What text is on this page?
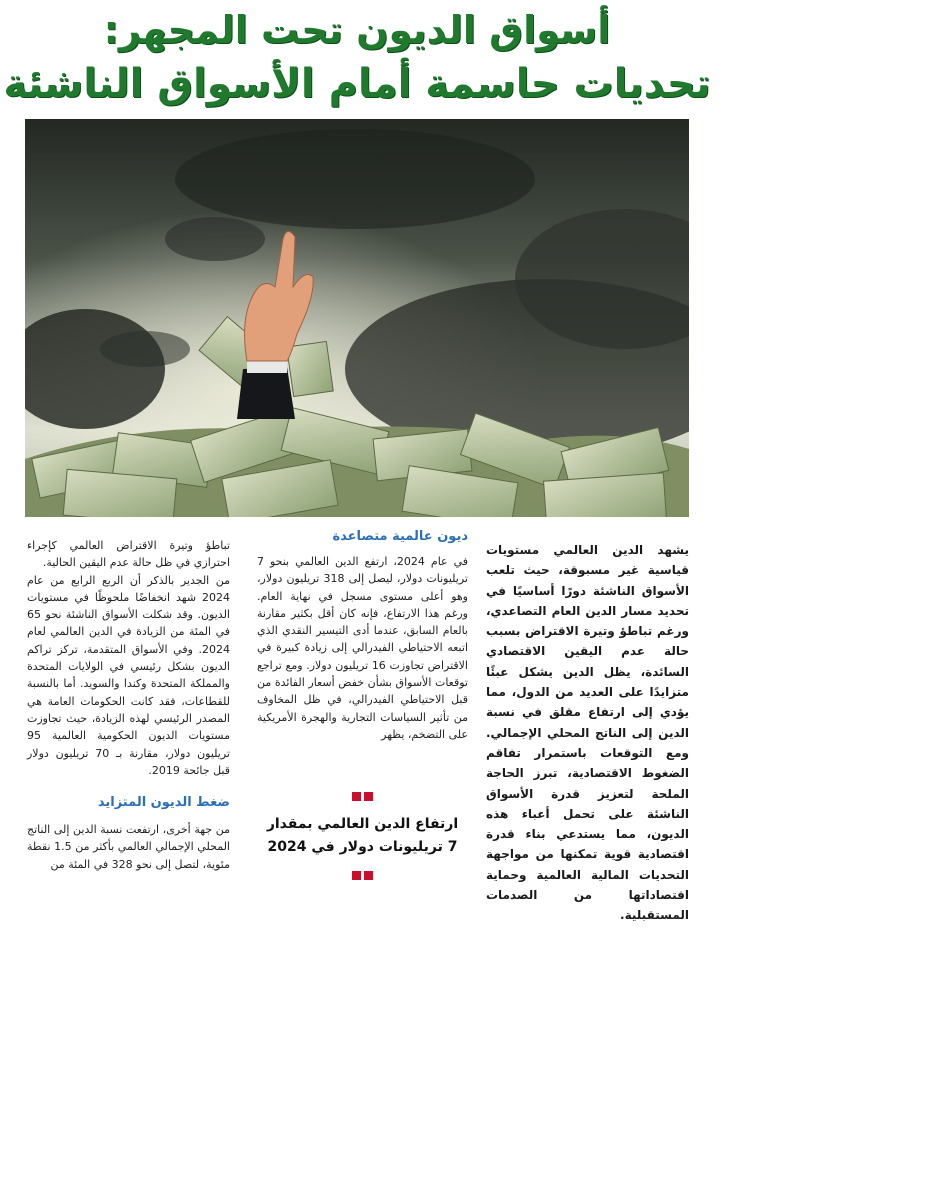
أسواق الديون تحت المجهر:
تحديات حاسمة أمام الأسواق الناشئة

يشهد الدين العالمي مستويات قياسية غير مسبوقة، حيث تلعب الأسواق الناشئة دورًا أساسيًا في تحديد مسار الدين العام التصاعدي، ورغم تباطؤ وتيرة الاقتراض بسبب حالة عدم اليقين الاقتصادي السائدة، يظل الدين يشكل عبئًا متزايدًا على العديد من الدول، مما يؤدي إلى ارتفاع مقلق في نسبة الدين إلى الناتج المحلي الإجمالي. ومع التوقعات باستمرار تفاقم الضغوط الاقتصادية، تبرز الحاجة الملحة لتعزيز قدرة الأسواق الناشئة على تحمل أعباء هذه الديون، مما يستدعي بناء قدرة اقتصادية قوية تمكنها من مواجهة التحديات المالية العالمية وحماية اقتصاداتها من الصدمات المستقبلية.

ديون عالمية متصاعدة

في عام 2024، ارتفع الدين العالمي بنحو 7 تريليونات دولار، ليصل إلى 318 تريليون دولار، وهو أعلى مستوى مسجل في نهاية العام. ورغم هذا الارتفاع، فإنه كان أقل بكثير مقارنة بالعام السابق، عندما أدى التيسير النقدي الذي اتبعه الاحتياطي الفيدرالي إلى زيادة كبيرة في الاقتراض تجاوزت 16 تريليون دولار. ومع تراجع توقعات الأسواق بشأن خفض أسعار الفائدة من قبل الاحتياطي الفيدرالي، في ظل المخاوف من تأثير السياسات التجارية والهجرة الأمريكية على التضخم، يظهر

ارتفاع الدين العالمي بمقدار
7 تريليونات دولار في 2024

تباطؤ وتيرة الاقتراض العالمي كإجراء احترازي في ظل حالة عدم اليقين الحالية.

من الجدير بالذكر أن الربع الرابع من عام 2024 شهد انخفاضًا ملحوظًا في مستويات الديون. وقد شكلت الأسواق الناشئة نحو 65 في المئة من الزيادة في الدين العالمي لعام 2024. وفي الأسواق المتقدمة، تركز تراكم الديون بشكل رئيسي في الولايات المتحدة والمملكة المتحدة وكندا والسويد. أما بالنسبة للقطاعات، فقد كانت الحكومات العامة هي المصدر الرئيسي لهذه الزيادة، حيث تجاوزت مستويات الديون الحكومية العالمية 95 تريليون دولار، مقارنة بـ 70 تريليون دولار قبل جائحة 2019.

ضغط الديون المتزايد

من جهة أخرى، ارتفعت نسبة الدين إلى الناتج المحلي الإجمالي العالمي بأكثر من 1.5 نقطة مئوية، لتصل إلى نحو 328 في المئة من
